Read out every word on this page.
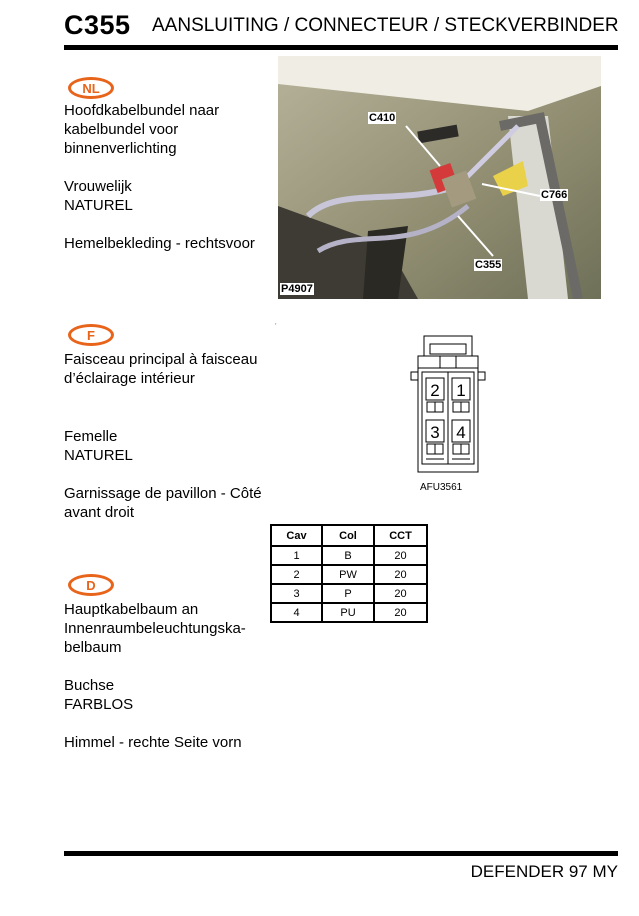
C355 AANSLUITING / CONNECTEUR / STECKVERBINDER
NL
Hoofdkabelbundel naar kabelbundel voor binnenverlichting
Vrouwelijk
NATUREL
Hemelbekleding - rechtsvoor
F
Faisceau principal à faisceau d’éclairage intérieur
Femelle
NATUREL
Garnissage de pavillon - Côté avant droit
D
Hauptkabelbaum an Innenraumbeleuchtungska-belbaum
Buchse
FARBLOS
Himmel - rechte Seite vorn
C410
C766
C355
P4907
'
2 1
3 4
AFU3561
Cav	Col	CCT
1	B	20
2	PW	20
3	P	20
4	PU	20
DEFENDER 97 MY
